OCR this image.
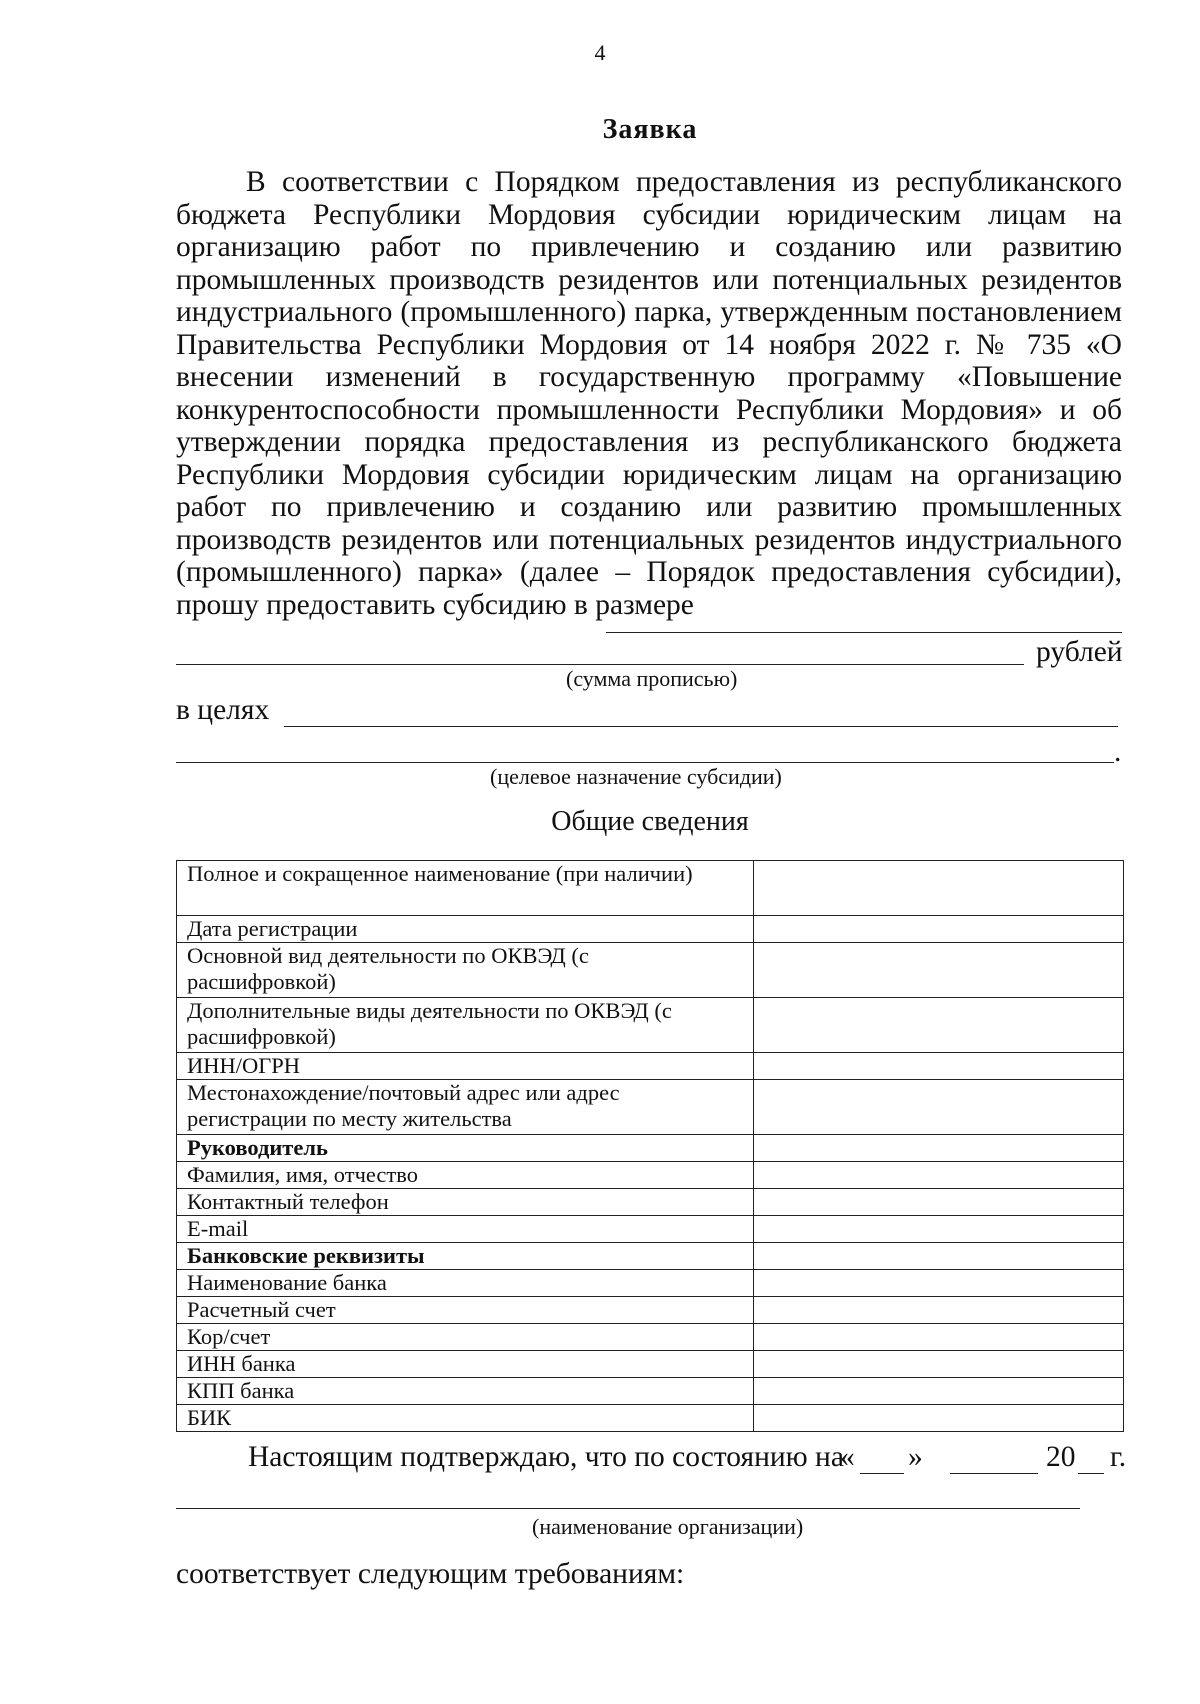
4
Заявка
В соответствии с Порядком предоставления из республиканского бюджета Республики Мордовия субсидии юридическим лицам на организацию работ по привлечению и созданию или развитию промышленных производств резидентов или потенциальных резидентов индустриального (промышленного) парка, утвержденным постановлением Правительства Республики Мордовия от 14 ноября 2022 г. № 735 «О внесении изменений в государственную программу «Повышение конкурентоспособности промышленности Республики Мордовия» и об утверждении порядка предоставления из республиканского бюджета Республики Мордовия субсидии юридическим лицам на организацию работ по привлечению и созданию или развитию промышленных производств резидентов или потенциальных резидентов индустриального (промышленного) парка» (далее – Порядок предоставления субсидии), прошу предоставить субсидию в размере
рублей
(сумма прописью)
в целях
.
(целевое назначение субсидии)
Общие сведения
Полное и сокращенное наименование (при наличии)	
Дата регистрации	
Основной вид деятельности по ОКВЭД (с расшифровкой)	
Дополнительные виды деятельности по ОКВЭД (с расшифровкой)	
ИНН/ОГРН	
Местонахождение/почтовый адрес или адрес регистрации по месту жительства	
Руководитель	
Фамилия, имя, отчество	
Контактный телефон	
E-mail	
Банковские реквизиты	
Наименование банка	
Расчетный счет	
Кор/счет	
ИНН банка	
КПП банка	
БИК	
Настоящим подтверждаю, что по состоянию на
« »	20 г.
(наименование организации)
соответствует следующим требованиям:
